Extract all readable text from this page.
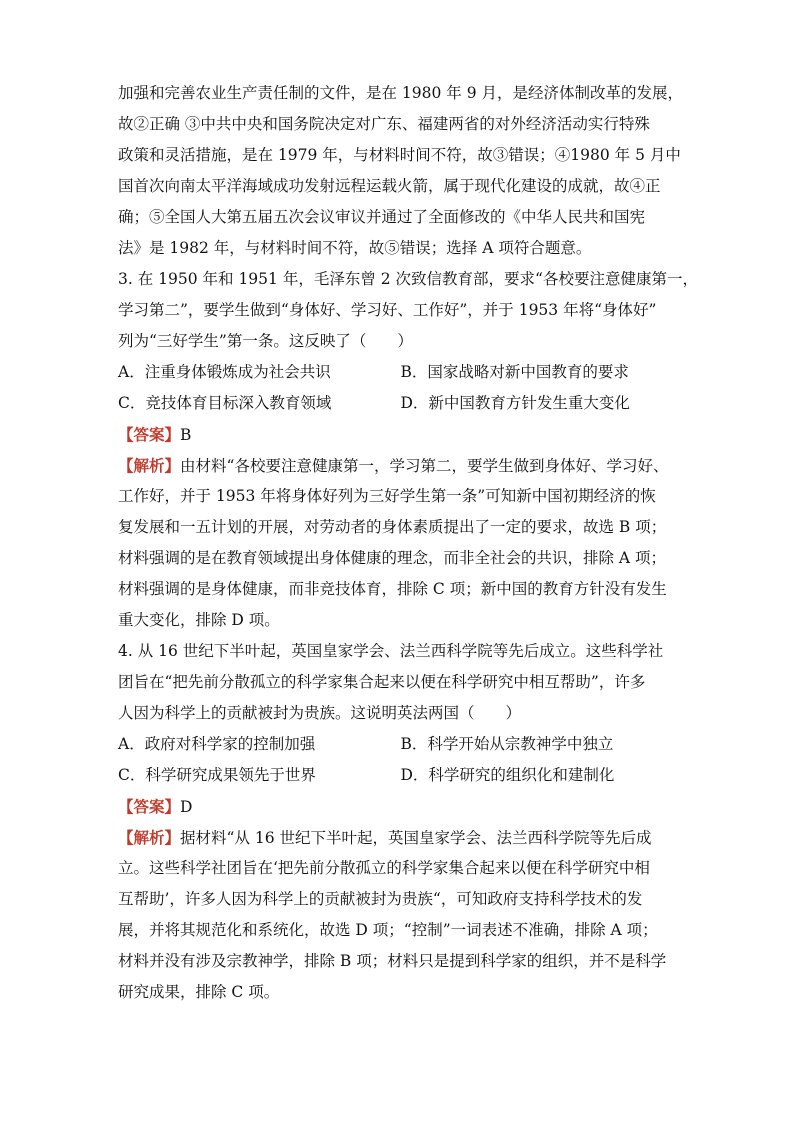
加强和完善农业生产责任制的文件，是在 1980 年 9 月，是经济体制改革的发展，
故②正确 ③中共中央和国务院决定对广东、福建两省的对外经济活动实行特殊
政策和灵活措施，是在 1979 年，与材料时间不符，故③错误；④1980 年 5 月中
国首次向南太平洋海域成功发射远程运载火箭，属于现代化建设的成就，故④正
确；⑤全国人大第五届五次会议审议并通过了全面修改的《中华人民共和国宪
法》是 1982 年，与材料时间不符，故⑤错误；选择 A 项符合题意。
3. 在 1950 年和 1951 年，毛泽东曾 2 次致信教育部，要求“各校要注意健康第一，
学习第二”，要学生做到“身体好、学习好、工作好”，并于 1953 年将“身体好”
列为“三好学生”第一条。这反映了（　　）
A．注重身体锻炼成为社会共识	B．国家战略对新中国教育的要求
C．竞技体育目标深入教育领域	D．新中国教育方针发生重大变化
【答案】B
【解析】由材料“各校要注意健康第一，学习第二，要学生做到身体好、学习好、
工作好，并于 1953 年将身体好列为三好学生第一条”可知新中国初期经济的恢
复发展和一五计划的开展，对劳动者的身体素质提出了一定的要求，故选 B 项；
材料强调的是在教育领域提出身体健康的理念，而非全社会的共识，排除 A 项；
材料强调的是身体健康，而非竞技体育，排除 C 项；新中国的教育方针没有发生
重大变化，排除 D 项。
4. 从 16 世纪下半叶起，英国皇家学会、法兰西科学院等先后成立。这些科学社
团旨在“把先前分散孤立的科学家集合起来以便在科学研究中相互帮助”，许多
人因为科学上的贡献被封为贵族。这说明英法两国（　　）
A．政府对科学家的控制加强	B．科学开始从宗教神学中独立
C．科学研究成果领先于世界	D．科学研究的组织化和建制化
【答案】D
【解析】据材料“从 16 世纪下半叶起，英国皇家学会、法兰西科学院等先后成
立。这些科学社团旨在‘把先前分散孤立的科学家集合起来以便在科学研究中相
互帮助’，许多人因为科学上的贡献被封为贵族“，可知政府支持科学技术的发
展，并将其规范化和系统化，故选 D 项；“控制”一词表述不准确，排除 A 项；
材料并没有涉及宗教神学，排除 B 项；材料只是提到科学家的组织，并不是科学
研究成果，排除 C 项。
